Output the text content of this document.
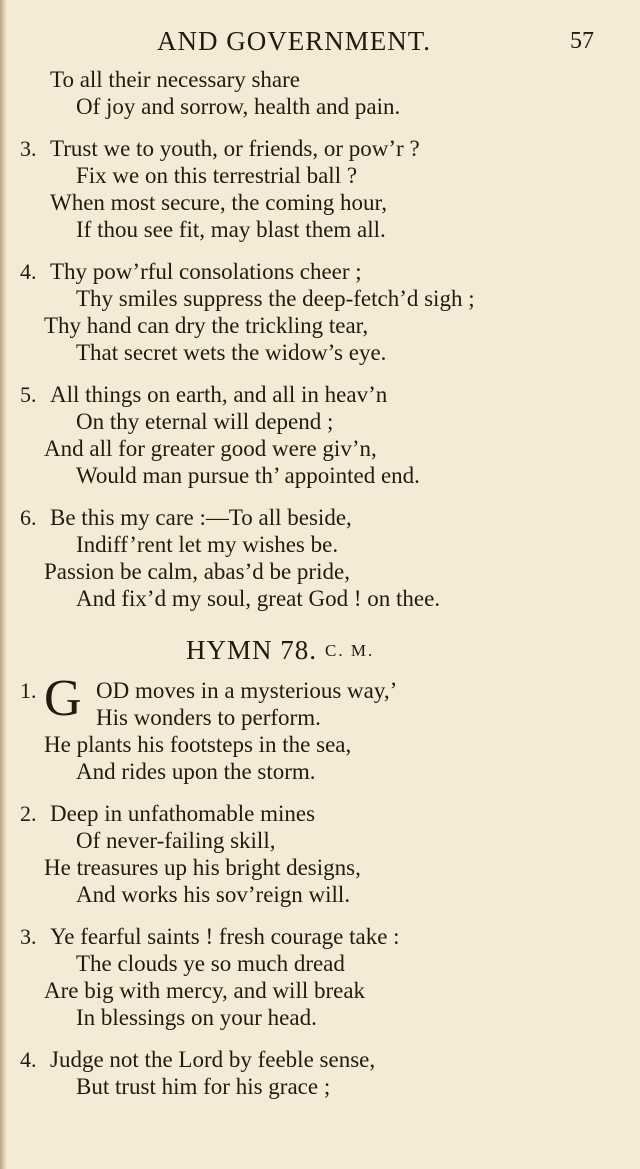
AND GOVERNMENT.	57
To all their necessary share
Of joy and sorrow, health and pain.
3. Trust we to youth, or friends, or pow’r ?
Fix we on this terrestrial ball ?
When most secure, the coming hour,
If thou see fit, may blast them all.
4. Thy pow’rful consolations cheer ;
Thy smiles suppress the deep-fetch’d sigh ;
Thy hand can dry the trickling tear,
That secret wets the widow’s eye.
5. All things on earth, and all in heav’n
On thy eternal will depend ;
And all for greater good were giv’n,
Would man pursue th’ appointed end.
6. Be this my care :—To all beside,
Indiff’rent let my wishes be.
Passion be calm, abas’d be pride,
And fix’d my soul, great God ! on thee.
HYMN 78. C. M.
1. G OD moves in a mysterious way,’
His wonders to perform.
He plants his footsteps in the sea,
And rides upon the storm.
2. Deep in unfathomable mines
Of never-failing skill,
He treasures up his bright designs,
And works his sov’reign will.
3. Ye fearful saints ! fresh courage take :
The clouds ye so much dread
Are big with mercy, and will break
In blessings on your head.
4. Judge not the Lord by feeble sense,
But trust him for his grace ;
